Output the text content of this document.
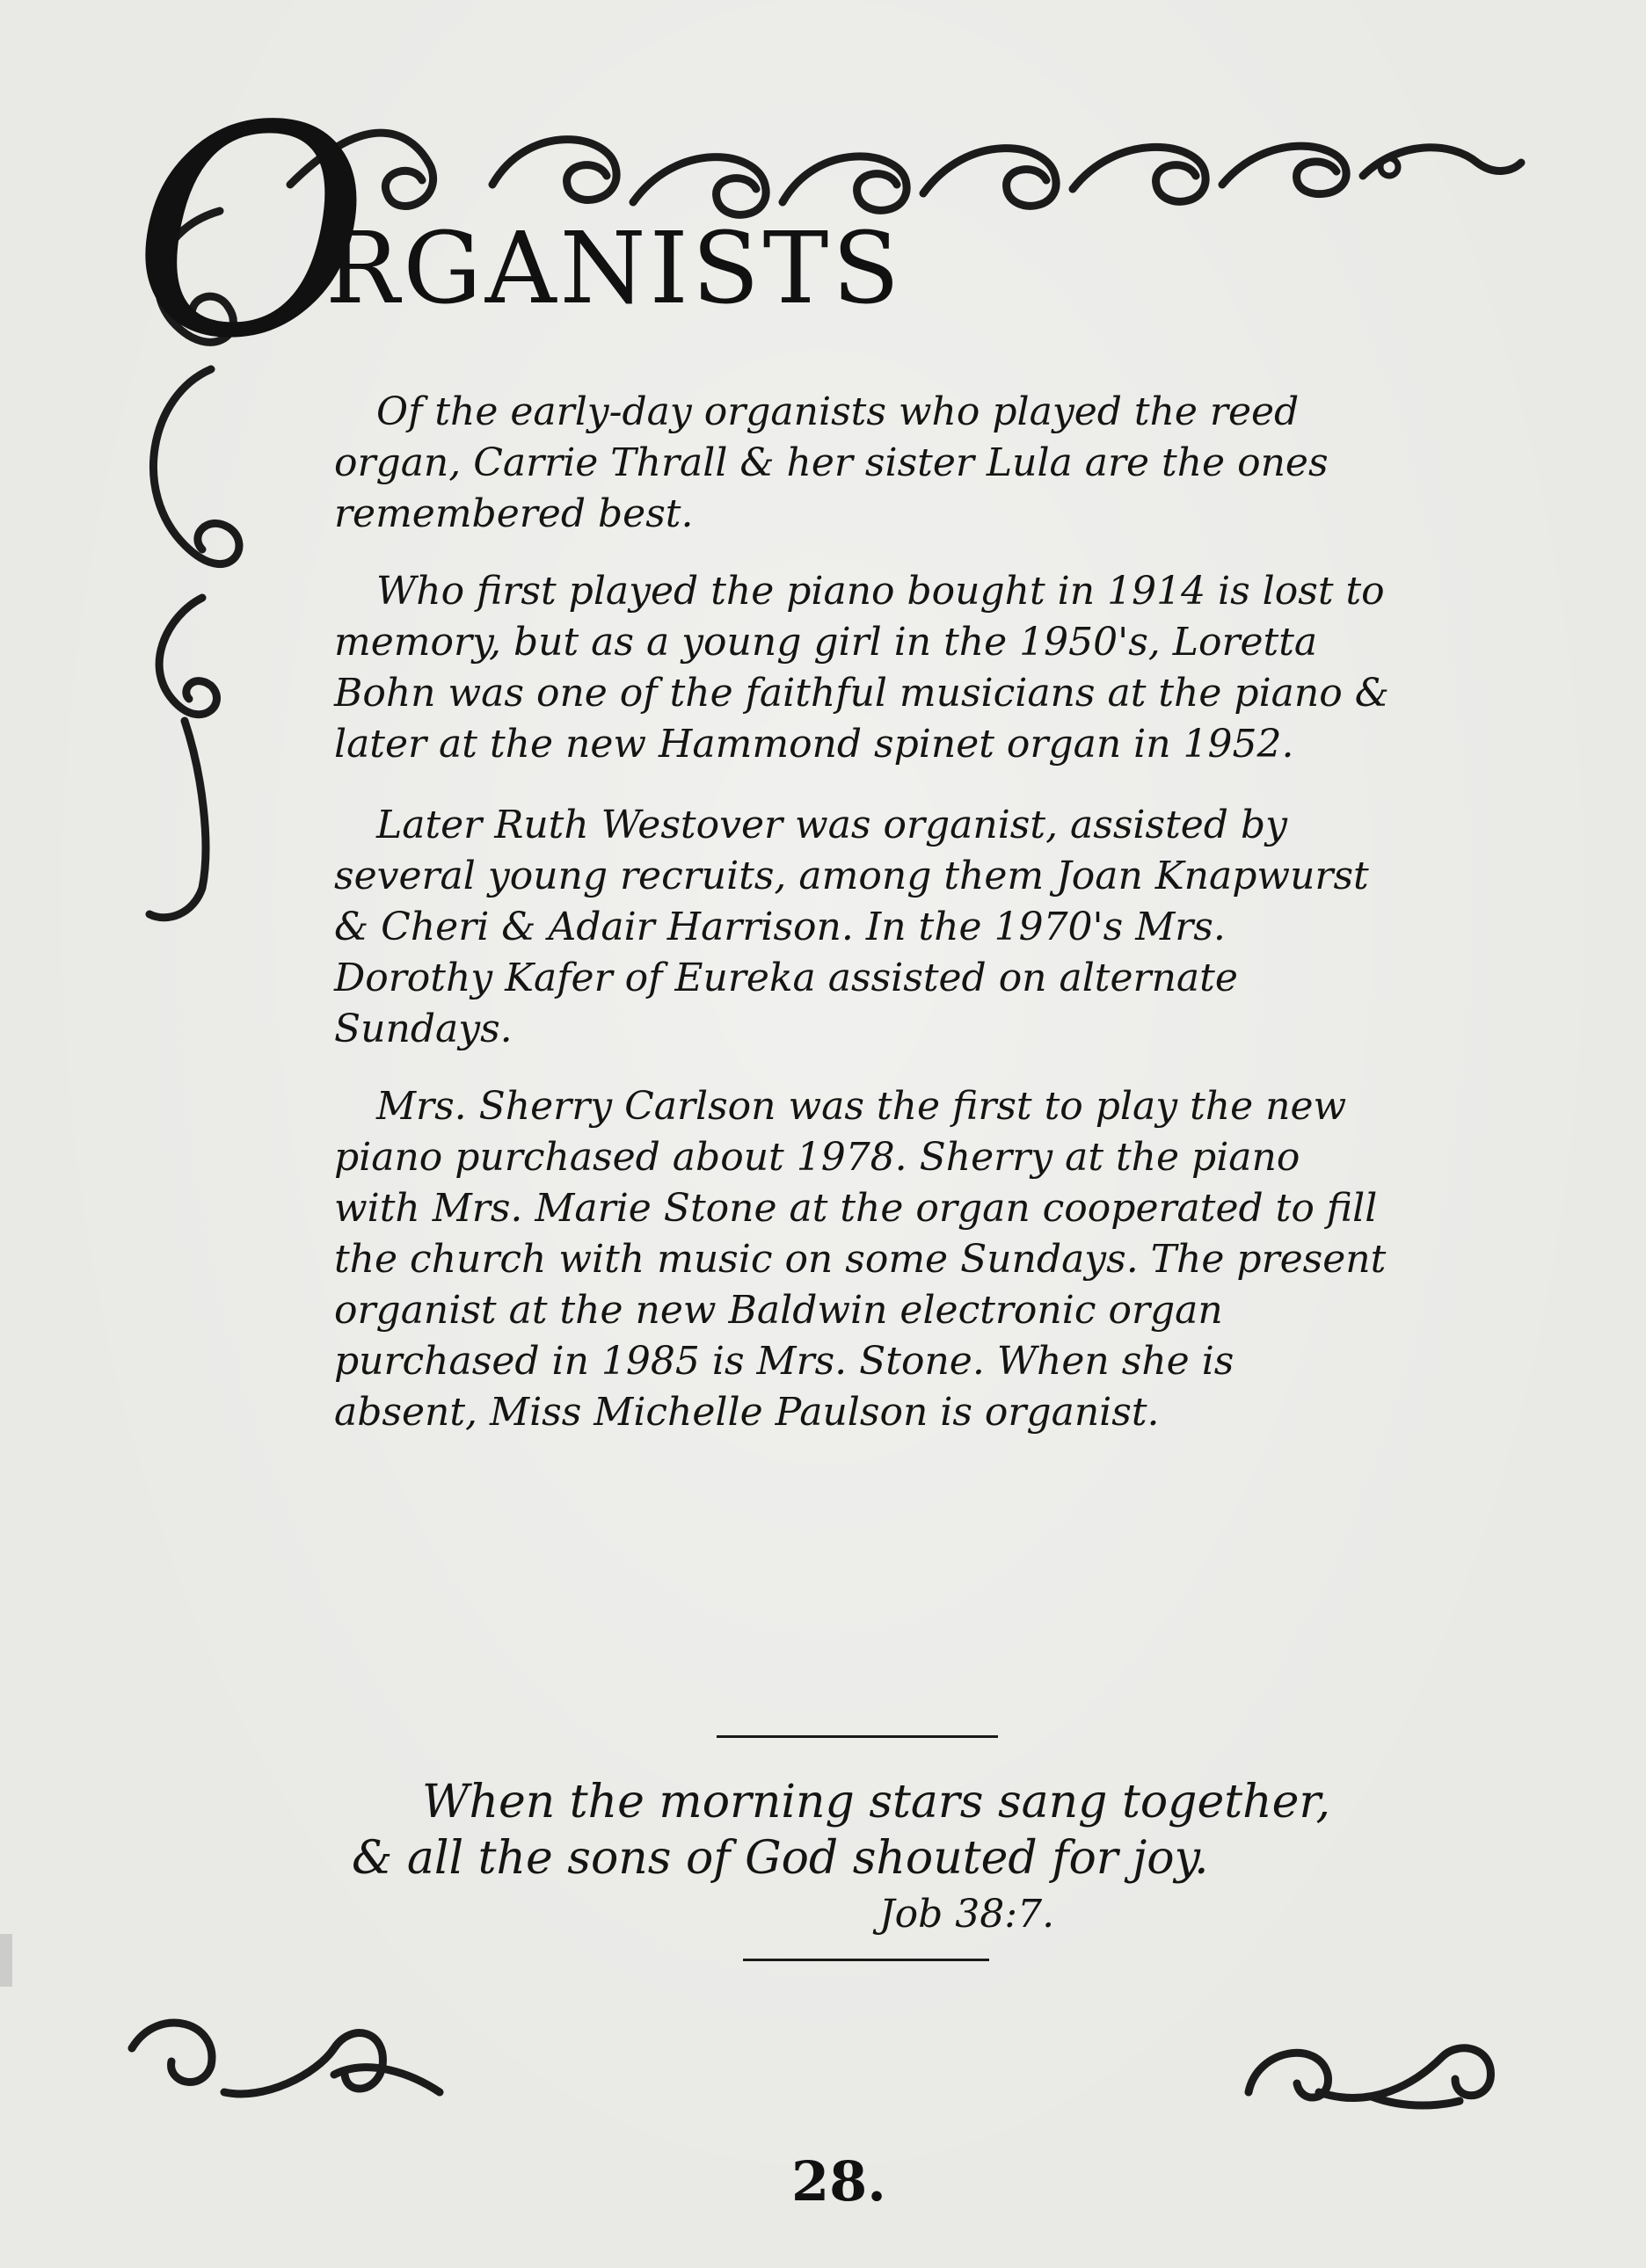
O
RGANISTS

Of the early-day organists who played the reed organ, Carrie Thrall & her sister Lula are the ones remembered best.

Who first played the piano bought in 1914 is lost to memory, but as a young girl in the 1950's, Loretta Bohn was one of the faithful musicians at the piano & later at the new Hammond spinet organ in 1952.

Later Ruth Westover was organist, assisted by several young recruits, among them Joan Knapwurst & Cheri & Adair Harrison. In the 1970's Mrs. Dorothy Kafer of Eureka assisted on alternate Sundays.

Mrs. Sherry Carlson was the first to play the new piano purchased about 1978. Sherry at the piano with Mrs. Marie Stone at the organ cooperated to fill the church with music on some Sundays. The present organist at the new Baldwin electronic organ purchased in 1985 is Mrs. Stone. When she is absent, Miss Michelle Paulson is organist.

When the morning stars sang together, & all the sons of God shouted for joy.
Job 38:7.
28.
